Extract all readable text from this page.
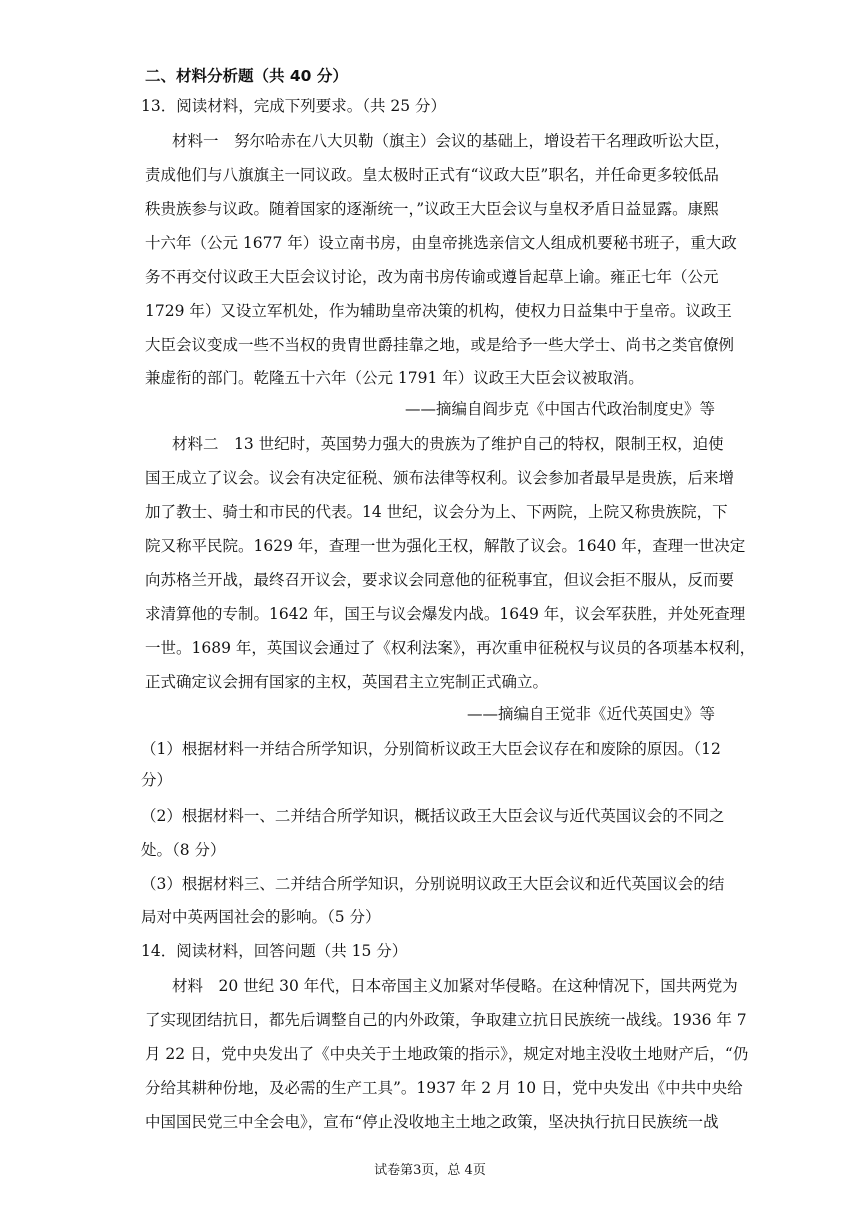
二、材料分析题（共 40 分）
13．阅读材料，完成下列要求。（共 25 分）
材料一　努尔哈赤在八大贝勒（旗主）会议的基础上，增设若干名理政听讼大臣，
责成他们与八旗旗主一同议政。皇太极时正式有“议政大臣”职名，并任命更多较低品
秩贵族参与议政。随着国家的逐渐统一，”议政王大臣会议与皇权矛盾日益显露。康熙
十六年（公元 1677 年）设立南书房，由皇帝挑选亲信文人组成机要秘书班子，重大政
务不再交付议政王大臣会议讨论，改为南书房传谕或遵旨起草上谕。雍正七年（公元
1729 年）又设立军机处，作为辅助皇帝决策的机构，使权力日益集中于皇帝。议政王
大臣会议变成一些不当权的贵胄世爵挂靠之地，或是给予一些大学士、尚书之类官僚例
兼虚衔的部门。乾隆五十六年（公元 1791 年）议政王大臣会议被取消。
——摘编自阎步克《中国古代政治制度史》等
材料二　13 世纪时，英国势力强大的贵族为了维护自己的特权，限制王权，迫使
国王成立了议会。议会有决定征税、颁布法律等权利。议会参加者最早是贵族，后来增
加了教士、骑士和市民的代表。14 世纪，议会分为上、下两院，上院又称贵族院，下
院又称平民院。1629 年，查理一世为强化王权，解散了议会。1640 年，查理一世决定
向苏格兰开战，最终召开议会，要求议会同意他的征税事宜，但议会拒不服从，反而要
求清算他的专制。1642 年，国王与议会爆发内战。1649 年，议会军获胜，并处死查理
一世。1689 年，英国议会通过了《权利法案》，再次重申征税权与议员的各项基本权利，
正式确定议会拥有国家的主权，英国君主立宪制正式确立。
——摘编自王觉非《近代英国史》等
（1）根据材料一并结合所学知识，分别简析议政王大臣会议存在和废除的原因。（12
分）
（2）根据材料一、二并结合所学知识，概括议政王大臣会议与近代英国议会的不同之
处。（8 分）
（3）根据材料三、二并结合所学知识，分别说明议政王大臣会议和近代英国议会的结
局对中英两国社会的影响。（5 分）
14．阅读材料，回答问题（共 15 分）
材料　20 世纪 30 年代，日本帝国主义加紧对华侵略。在这种情况下，国共两党为
了实现团结抗日，都先后调整自己的内外政策，争取建立抗日民族统一战线。1936 年 7
月 22 日，党中央发出了《中央关于土地政策的指示》，规定对地主没收土地财产后，“仍
分给其耕种份地，及必需的生产工具”。1937 年 2 月 10 日，党中央发出《中共中央给
中国国民党三中全会电》，宣布“停止没收地主土地之政策，坚决执行抗日民族统一战
试卷第3页，总 4页
